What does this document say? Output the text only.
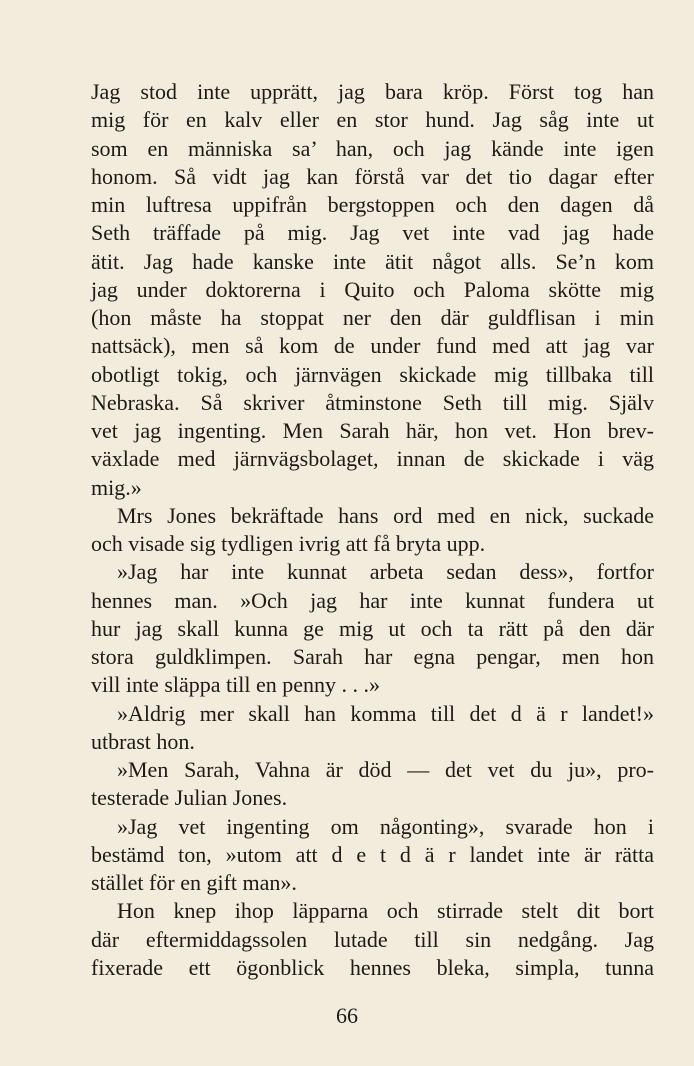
Jag stod inte upprätt, jag bara kröp. Först tog han
mig för en kalv eller en stor hund. Jag såg inte ut
som en människa sa’ han, och jag kände inte igen
honom. Så vidt jag kan förstå var det tio dagar efter
min luftresa uppifrån bergstoppen och den dagen då
Seth träffade på mig. Jag vet inte vad jag hade
ätit. Jag hade kanske inte ätit något alls. Se’n kom
jag under doktorerna i Quito och Paloma skötte mig
(hon måste ha stoppat ner den där guldflisan i min
nattsäck), men så kom de under fund med att jag var
obotligt tokig, och järnvägen skickade mig tillbaka till
Nebraska. Så skriver åtminstone Seth till mig. Själv
vet jag ingenting. Men Sarah här, hon vet. Hon brev-
växlade med järnvägsbolaget, innan de skickade i väg
mig.»
Mrs Jones bekräftade hans ord med en nick, suckade
och visade sig tydligen ivrig att få bryta upp.
»Jag har inte kunnat arbeta sedan dess», fortfor
hennes man. »Och jag har inte kunnat fundera ut
hur jag skall kunna ge mig ut och ta rätt på den där
stora guldklimpen. Sarah har egna pengar, men hon
vill inte släppa till en penny . . .»
»Aldrig mer skall han komma till det d ä r landet!»
utbrast hon.
»Men Sarah, Vahna är död — det vet du ju», pro-
testerade Julian Jones.
»Jag vet ingenting om någonting», svarade hon i
bestämd ton, »utom att d e t d ä r landet inte är rätta
stället för en gift man».
Hon knep ihop läpparna och stirrade stelt dit bort
där eftermiddagssolen lutade till sin nedgång. Jag
fixerade ett ögonblick hennes bleka, simpla, tunna
66
